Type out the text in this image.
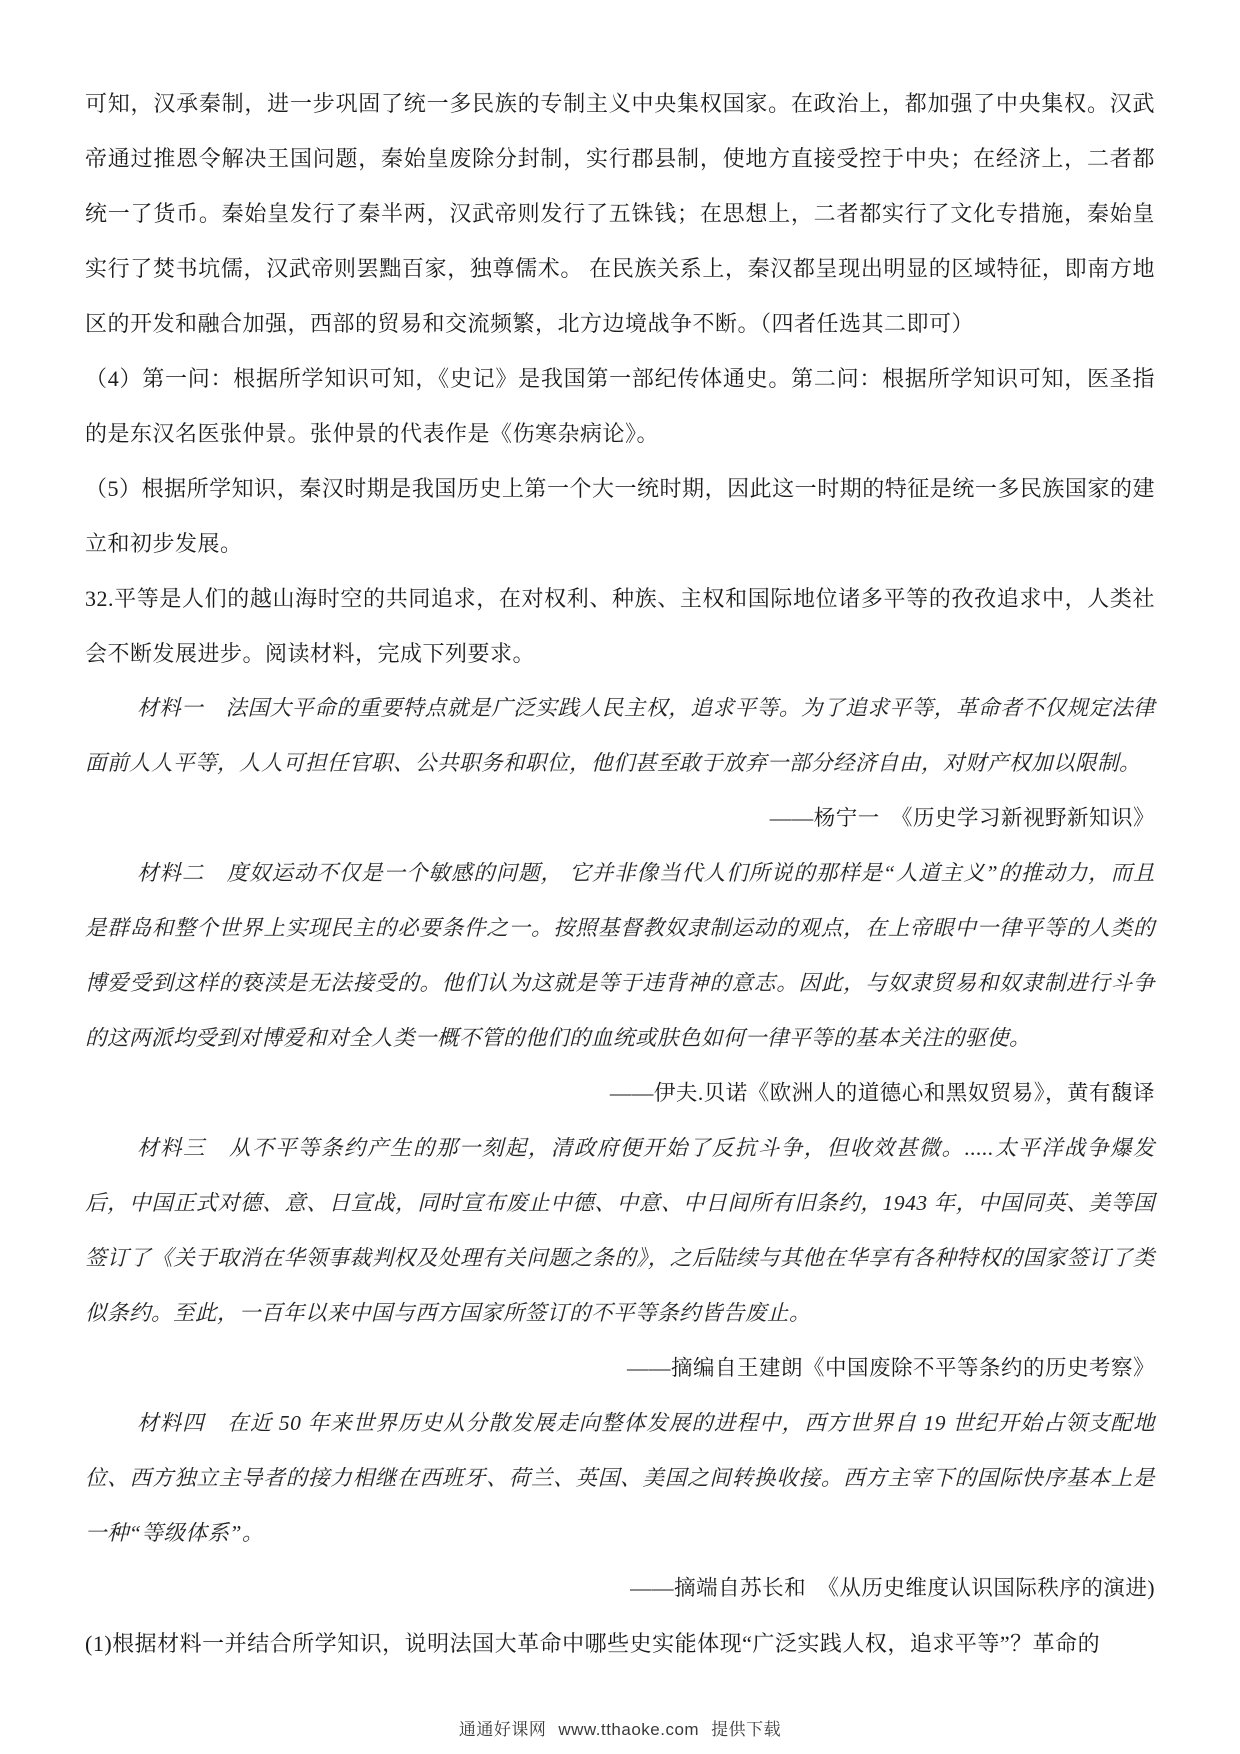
可知，汉承秦制，进一步巩固了统一多民族的专制主义中央集权国家。在政治上，都加强了中央集权。汉武帝通过推恩令解决王国问题，秦始皇废除分封制，实行郡县制，使地方直接受控于中央；在经济上，二者都统一了货币。秦始皇发行了秦半两，汉武帝则发行了五铢钱；在思想上，二者都实行了文化专措施，秦始皇实行了焚书坑儒，汉武帝则罢黜百家，独尊儒术。 在民族关系上，秦汉都呈现出明显的区域特征，即南方地区的开发和融合加强，西部的贸易和交流频繁，北方边境战争不断。（四者任选其二即可）

（4）第一问：根据所学知识可知，《史记》是我国第一部纪传体通史。第二问：根据所学知识可知，医圣指的是东汉名医张仲景。张仲景的代表作是《伤寒杂病论》。

（5）根据所学知识，秦汉时期是我国历史上第一个大一统时期，因此这一时期的特征是统一多民族国家的建立和初步发展。

32.平等是人们的越山海时空的共同追求，在对权利、种族、主权和国际地位诸多平等的孜孜追求中，人类社会不断发展进步。阅读材料，完成下列要求。

材料一　法国大平命的重要特点就是广泛实践人民主权，追求平等。为了追求平等，革命者不仅规定法律面前人人平等，人人可担任官职、公共职务和职位，他们甚至敢于放弃一部分经济自由，对财产权加以限制。

——杨宁一　《历史学习新视野新知识》

材料二　度奴运动不仅是一个敏感的问题， 它并非像当代人们所说的那样是“人道主义”的推动力，而且是群岛和整个世界上实现民主的必要条件之一。按照基督教奴隶制运动的观点，在上帝眼中一律平等的人类的博爱受到这样的亵渎是无法接受的。他们认为这就是等于违背神的意志。因此，与奴隶贸易和奴隶制进行斗争的这两派均受到对博爱和对全人类一概不管的他们的血统或肤色如何一律平等的基本关注的驱使。

——伊夫.贝诺《欧洲人的道德心和黑奴贸易》，黄有馥译

材料三　从不平等条约产生的那一刻起，清政府便开始了反抗斗争，但收效甚微。.....太平洋战争爆发后，中国正式对德、意、日宣战，同时宣布废止中德、中意、中日间所有旧条约，1943 年，中国同英、美等国签订了《关于取消在华领事裁判权及处理有关问题之条的》，之后陆续与其他在华享有各种特权的国家签订了类似条约。至此，一百年以来中国与西方国家所签订的不平等条约皆告废止。

——摘编自王建朗《中国废除不平等条约的历史考察》

材料四　在近 50 年来世界历史从分散发展走向整体发展的进程中，西方世界自 19 世纪开始占领支配地位、西方独立主导者的接力相继在西班牙、荷兰、英国、美国之间转换收接。西方主宰下的国际快序基本上是一种“等级体系”。

——摘端自苏长和　《从历史维度认识国际秩序的演进)

(1)根据材料一并结合所学知识，说明法国大革命中哪些史实能体现“广泛实践人权，追求平等”？革命的

通通好课网 www.tthaoke.com 提供下载
